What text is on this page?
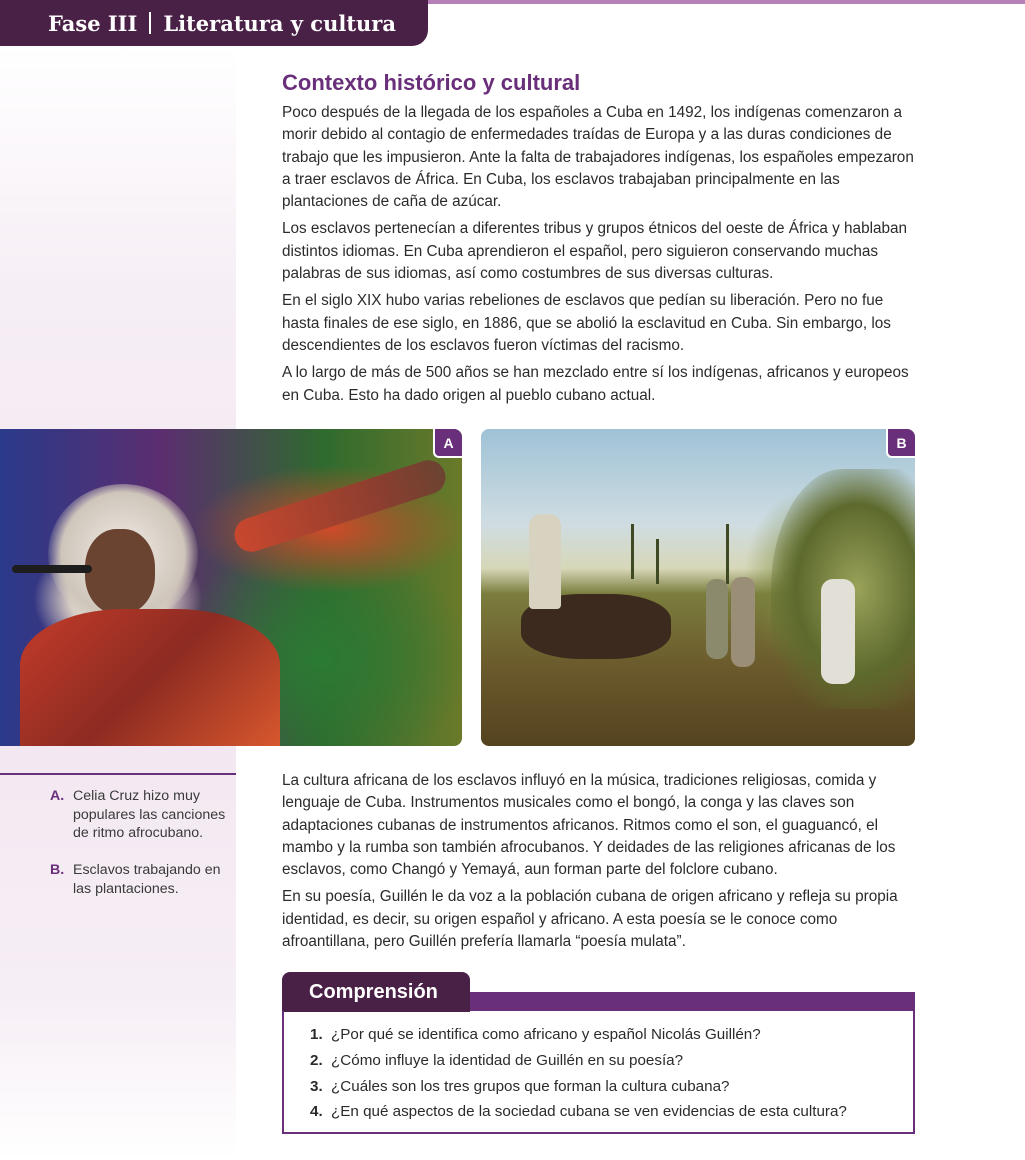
Fase III Literatura y cultura
Contexto histórico y cultural

Poco después de la llegada de los españoles a Cuba en 1492, los indígenas comenzaron a morir debido al contagio de enfermedades traídas de Europa y a las duras condiciones de trabajo que les impusieron. Ante la falta de trabajadores indígenas, los españoles empezaron a traer esclavos de África. En Cuba, los esclavos trabajaban principalmente en las plantaciones de caña de azúcar.

Los esclavos pertenecían a diferentes tribus y grupos étnicos del oeste de África y hablaban distintos idiomas. En Cuba aprendieron el español, pero siguieron conservando muchas palabras de sus idiomas, así como costumbres de sus diversas culturas.

En el siglo XIX hubo varias rebeliones de esclavos que pedían su liberación. Pero no fue hasta finales de ese siglo, en 1886, que se abolió la esclavitud en Cuba. Sin embargo, los descendientes de los esclavos fueron víctimas del racismo.

A lo largo de más de 500 años se han mezclado entre sí los indígenas, africanos y europeos en Cuba. Esto ha dado origen al pueblo cubano actual.

A	B
A. Celia Cruz hizo muy populares las canciones de ritmo afrocubano.
B. Esclavos trabajando en las plantaciones.

La cultura africana de los esclavos influyó en la música, tradiciones religiosas, comida y lenguaje de Cuba. Instrumentos musicales como el bongó, la conga y las claves son adaptaciones cubanas de instrumentos africanos. Ritmos como el son, el guaguancó, el mambo y la rumba son también afrocubanos. Y deidades de las religiones africanas de los esclavos, como Changó y Yemayá, aun forman parte del folclore cubano.

En su poesía, Guillén le da voz a la población cubana de origen africano y refleja su propia identidad, es decir, su origen español y africano. A esta poesía se le conoce como afroantillana, pero Guillén prefería llamarla “poesía mulata”.

Comprensión
1. ¿Por qué se identifica como africano y español Nicolás Guillén?
2. ¿Cómo influye la identidad de Guillén en su poesía?
3. ¿Cuáles son los tres grupos que forman la cultura cubana?
4. ¿En qué aspectos de la sociedad cubana se ven evidencias de esta cultura?
